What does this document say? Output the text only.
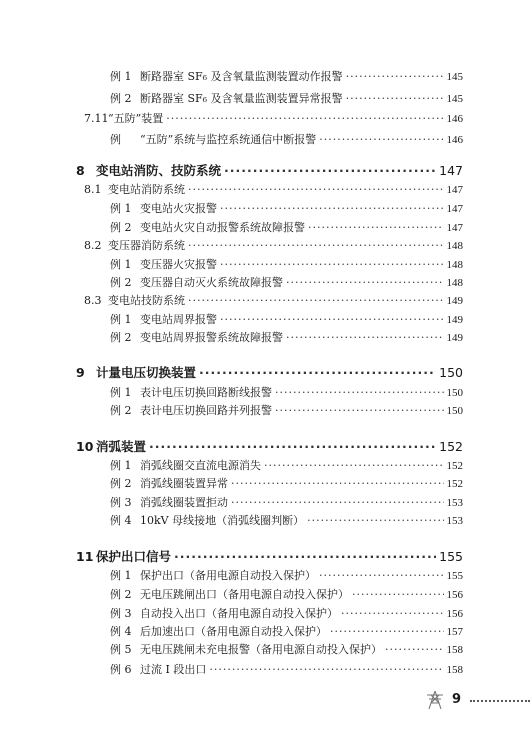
例 1 断路器室 SF₆ 及含氧量监测装置动作报警 ·····	145
例 2 断路器室 SF₆ 及含氧量监测装置异常报警 ·····	145
7.11 “五防”装置 ·····	146
例	“五防”系统与监控系统通信中断报警 ·····	146
8 变电站消防、技防系统 ·····	147
8.1 变电站消防系统 ·····	147
例 1 变电站火灾报警 ·····	147
例 2 变电站火灾自动报警系统故障报警 ·····	147
8.2 变压器消防系统 ·····	148
例 1 变压器火灾报警 ·····	148
例 2 变压器自动灭火系统故障报警 ·····	148
8.3 变电站技防系统 ·····	149
例 1 变电站周界报警 ·····	149
例 2 变电站周界报警系统故障报警 ·····	149
9 计量电压切换装置 ·····	150
例 1 表计电压切换回路断线报警 ·····	150
例 2 表计电压切换回路并列报警 ·····	150
10 消弧装置 ·····	152
例 1 消弧线圈交直流电源消失 ·····	152
例 2 消弧线圈装置异常 ·····	152
例 3 消弧线圈装置拒动 ·····	153
例 4 10kV 母线接地（消弧线圈判断） ·····	153
11 保护出口信号 ·····	155
例 1 保护出口（备用电源自动投入保护） ·····	155
例 2 无电压跳闸出口（备用电源自动投入保护） ·····	156
例 3 自动投入出口（备用电源自动投入保护） ·····	156
例 4 后加速出口（备用电源自动投入保护） ·····	157
例 5 无电压跳闸未充电报警（备用电源自动投入保护） ·····	158
例 6 过流 Ⅰ 段出口 ·····	158
9
